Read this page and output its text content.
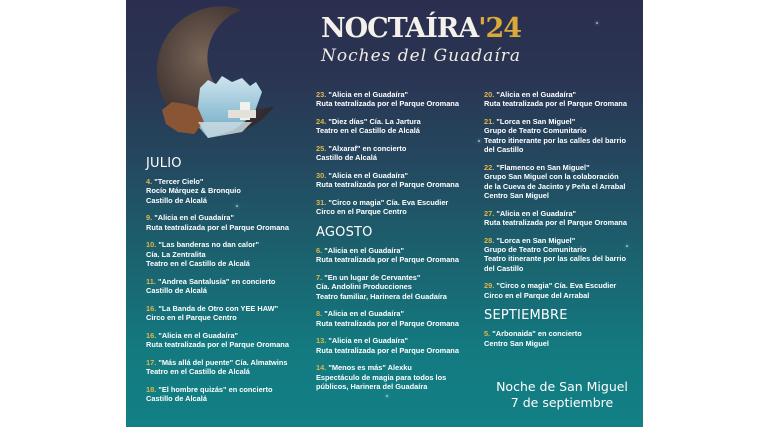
NOCTAÍRA'24
Noches del Guadaíra
JULIO
4. "Tercer Cielo"
Rocío Márquez & Bronquio
Castillo de Alcalá
9. "Alicia en el Guadaíra"
Ruta teatralizada por el Parque Oromana
10. "Las banderas no dan calor"
Cía. La Zentralita
Teatro en el Castillo de Alcalá
11. "Andrea Santalusía" en concierto
Castillo de Alcalá
16. "La Banda de Otro con YEE HAW"
Circo en el Parque Centro
16. "Alicia en el Guadaíra"
Ruta teatralizada por el Parque Oromana
17. "Más allá del puente" Cía. Almatwins
Teatro en el Castillo de Alcalá
18. "El hombre quizás" en concierto
Castillo de Alcalá
23. "Alicia en el Guadaíra"
Ruta teatralizada por el Parque Oromana
24. "Diez días" Cía. La Jartura
Teatro en el Castillo de Alcalá
25. "Alxaraf" en concierto
Castillo de Alcalá
30. "Alicia en el Guadaíra"
Ruta teatralizada por el Parque Oromana
31. "Circo o magia" Cía. Eva Escudier
Circo en el Parque Centro
AGOSTO
6. "Alicia en el Guadaíra"
Ruta teatralizada por el Parque Oromana
7. "En un lugar de Cervantes"
Cía. Andolini Producciones
Teatro familiar, Harinera del Guadaíra
8. "Alicia en el Guadaíra"
Ruta teatralizada por el Parque Oromana
13. "Alicia en el Guadaíra"
Ruta teatralizada por el Parque Oromana
14. "Menos es más" Alexku
Espectáculo de magia para todos los
públicos, Harinera del Guadaíra
20. "Alicia en el Guadaíra"
Ruta teatralizada por el Parque Oromana
21. "Lorca en San Miguel"
Grupo de Teatro Comunitario
Teatro itinerante por las calles del barrio
del Castillo
22. "Flamenco en San Miguel"
Grupo San Miguel con la colaboración
de la Cueva de Jacinto y Peña el Arrabal
Centro San Miguel
27. "Alicia en el Guadaíra"
Ruta teatralizada por el Parque Oromana
28. "Lorca en San Miguel"
Grupo de Teatro Comunitario
Teatro itinerante por las calles del barrio
del Castillo
29. "Circo o magia" Cía. Eva Escudier
Circo en el Parque del Arrabal
SEPTIEMBRE
5. "Arbonaida" en concierto
Centro San Miguel
Noche de San Miguel
7 de septiembre
